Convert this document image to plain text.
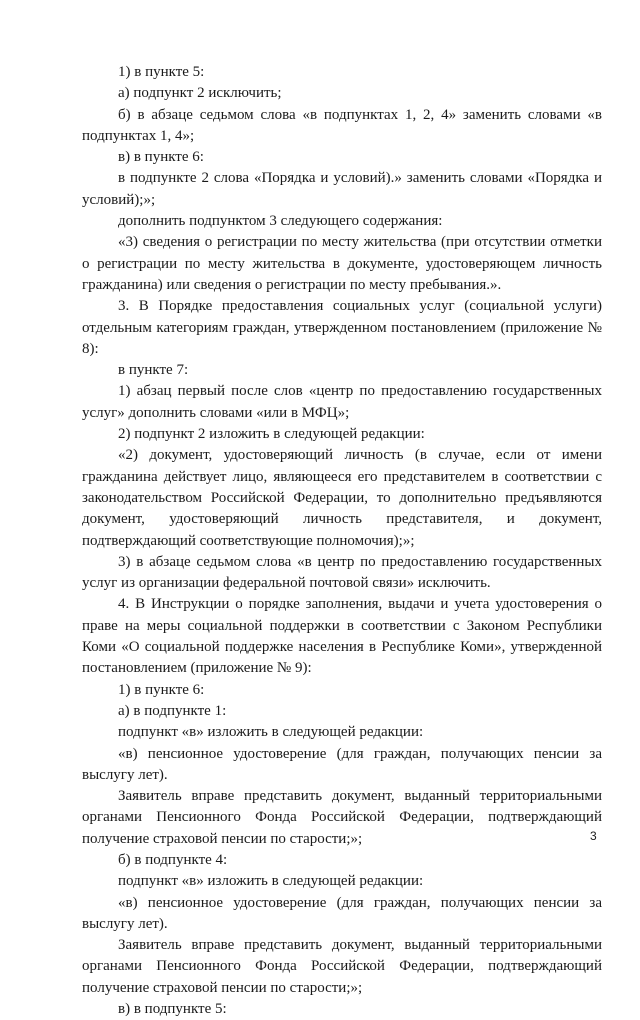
1) в пункте 5:

а) подпункт 2 исключить;

б) в абзаце седьмом слова «в подпунктах 1, 2, 4» заменить словами «в подпунктах 1, 4»;

в) в пункте 6:

в подпункте 2 слова «Порядка и условий).» заменить словами «Порядка и условий);»;

дополнить подпунктом 3 следующего содержания:

«3) сведения о регистрации по месту жительства (при отсутствии отметки о регистрации по месту жительства в документе, удостоверяющем личность гражданина) или сведения о регистрации по месту пребывания.».

3. В Порядке предоставления социальных услуг (социальной услуги) отдельным категориям граждан, утвержденном постановлением (приложение № 8):

в пункте 7:

1) абзац первый после слов «центр по предоставлению государственных услуг» дополнить словами «или в МФЦ»;

2) подпункт 2 изложить в следующей редакции:

«2) документ, удостоверяющий личность (в случае, если от имени гражданина действует лицо, являющееся его представителем в соответствии с законодательством Российской Федерации, то дополнительно предъявляются документ, удостоверяющий личность представителя, и документ, подтверждающий соответствующие полномочия);»;

3) в абзаце седьмом слова «в центр по предоставлению государственных услуг из организации федеральной почтовой связи» исключить.

4. В Инструкции о порядке заполнения, выдачи и учета удостоверения о праве на меры социальной поддержки в соответствии с Законом Республики Коми «О социальной поддержке населения в Республике Коми», утвержденной постановлением (приложение № 9):

1) в пункте 6:

а) в подпункте 1:

подпункт «в» изложить в следующей редакции:

«в) пенсионное удостоверение (для граждан, получающих пенсии за выслугу лет).

Заявитель вправе представить документ, выданный территориальными органами Пенсионного Фонда Российской Федерации, подтверждающий получение страховой пенсии по старости;»;

б) в подпункте 4:

подпункт «в» изложить в следующей редакции:

«в) пенсионное удостоверение (для граждан, получающих пенсии за выслугу лет).

Заявитель вправе представить документ, выданный территориальными органами Пенсионного Фонда Российской Федерации, подтверждающий получение страховой пенсии по старости;»;

в) в подпункте 5:

3
